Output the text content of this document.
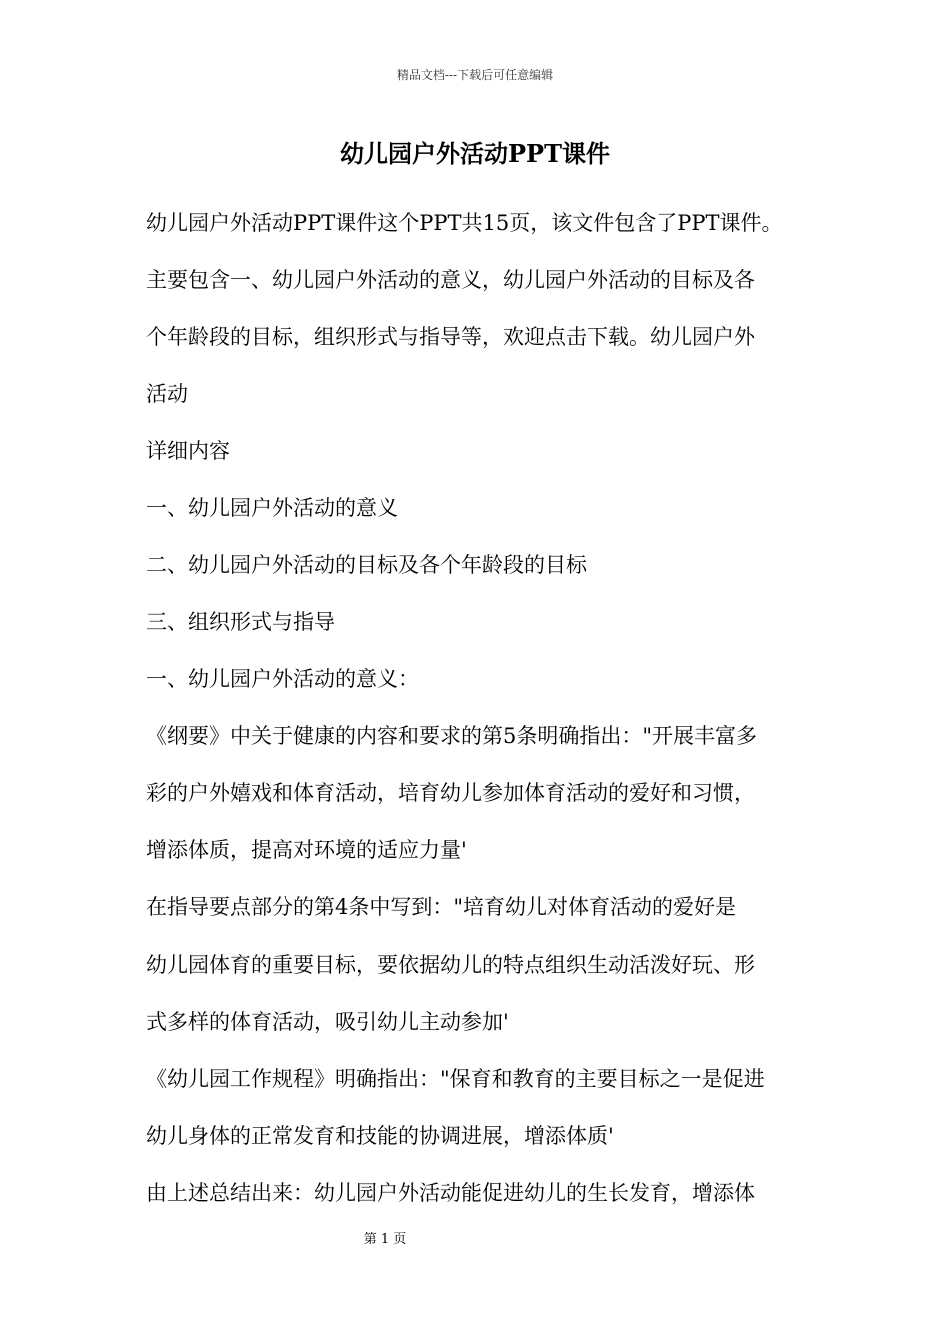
精品文档---下载后可任意编辑
幼儿园户外活动PPT课件
幼儿园户外活动PPT课件这个PPT共15页，该文件包含了PPT课件。
主要包含一、幼儿园户外活动的意义，幼儿园户外活动的目标及各
个年龄段的目标，组织形式与指导等，欢迎点击下载。幼儿园户外
活动
详细内容
一、幼儿园户外活动的意义
二、幼儿园户外活动的目标及各个年龄段的目标
三、组织形式与指导
一、幼儿园户外活动的意义：
《纲要》中关于健康的内容和要求的第5条明确指出："开展丰富多
彩的户外嬉戏和体育活动，培育幼儿参加体育活动的爱好和习惯，
增添体质，提高对环境的适应力量'
在指导要点部分的第4条中写到："培育幼儿对体育活动的爱好是
幼儿园体育的重要目标，要依据幼儿的特点组织生动活泼好玩、形
式多样的体育活动，吸引幼儿主动参加'
《幼儿园工作规程》明确指出："保育和教育的主要目标之一是促进
幼儿身体的正常发育和技能的协调进展，增添体质'
由上述总结出来：幼儿园户外活动能促进幼儿的生长发育，增添体
第 1 页
